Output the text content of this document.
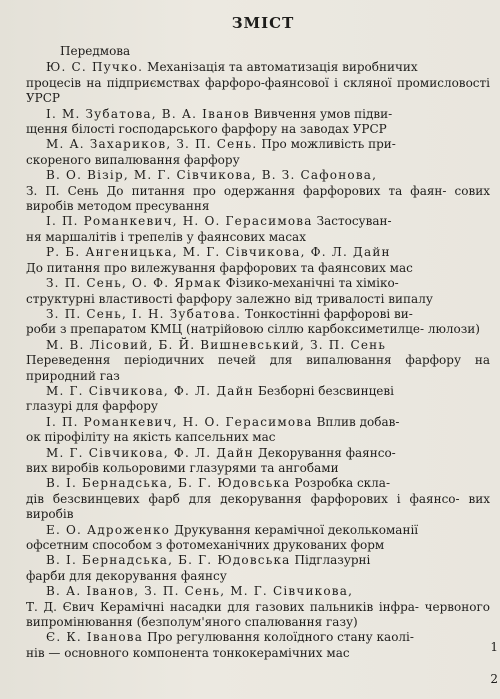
ЗМІСТ
Передмова
Ю. С. Пучко. Механізація та автоматизація виробничих
процесів на підприємствах фарфоро-фаянсової і скляної промисловості УРСР
І. М. Зубатова, В. А. Іванов Вивчення умов підви-
щення білості господарського фарфору на заводах УРСР
М. А. Захариков, З. П. Сень. Про можливість при-
скореного випалювання фарфору
В. О. Візір, М. Г. Сівчикова, В. З. Сафонова,
З. П. Сень До питання про одержання фарфорових та фаян- сових виробів методом пресування
І. П. Романкевич, Н. О. Герасимова Застосуван-
ня маршалітів і трепелів у фаянсових масах
Р. Б. Ангеницька, М. Г. Сівчикова, Ф. Л. Дайн
До питання про вилежування фарфорових та фаянсових мас
З. П. Сень, О. Ф. Ярмак Фізико-механічні та хіміко-
структурні властивості фарфору залежно від тривалості випалу
З. П. Сень, І. Н. Зубатова. Тонкостінні фарфорові ви-
роби з препаратом КМЦ (натрійовою сіллю карбоксиметилце- люлози)
М. В. Лісовий, Б. Й. Вишневський, З. П. Сень
Переведення періодичних печей для випалювання фарфору на природний газ
М. Г. Сівчикова, Ф. Л. Дайн Безборні безсвинцеві
глазурі для фарфору
І. П. Романкевич, Н. О. Герасимова Вплив добав-
ок пірофіліту на якість капсельних мас
М. Г. Сівчикова, Ф. Л. Дайн Декорування фаянсо-
вих виробів кольоровими глазурями та ангобами
В. І. Бернадська, Б. Г. Юдовська Розробка скла-
дів безсвинцевих фарб для декорування фарфорових і фаянсо- вих виробів
Е. О. Адроженко Друкування керамічної деколькоманії
офсетним способом з фотомеханічних друкованих форм
В. І. Бернадська, Б. Г. Юдовська Підглазурні
фарби для декорування фаянсу
В. А. Іванов, З. П. Сень, М. Г. Сівчикова,
Т. Д. Євич Керамічні насадки для газових пальників інфра- червоного випромінювання (безполум'яного спалювання газу)
Є. К. Іванова Про регулювання колоїдного стану каолі-
нів — основного компонента тонкокерамічних мас	1
2
